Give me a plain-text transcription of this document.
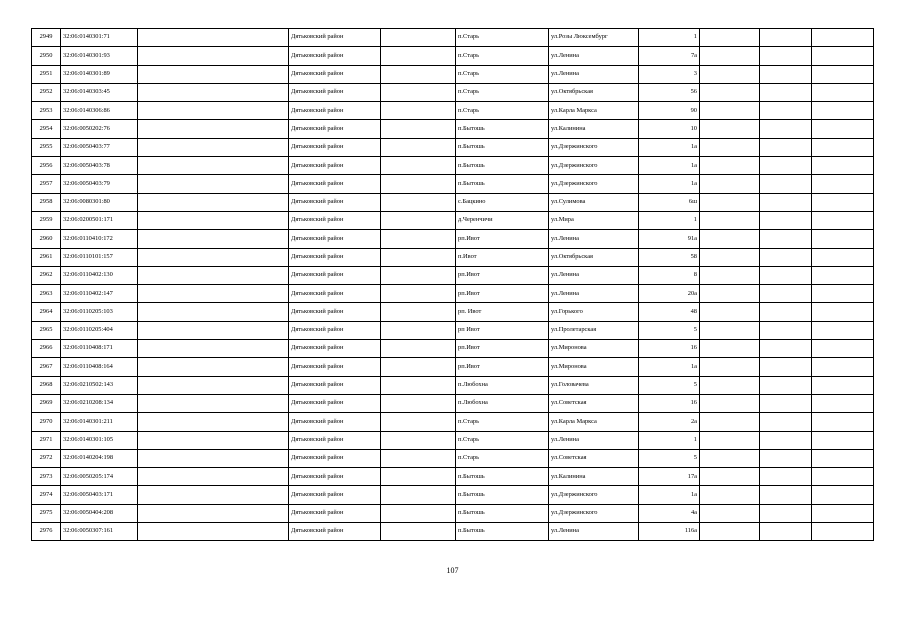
2949	32:06:0140301:71		Дятьковский район		п.Старь	ул.Розы Люксембург	1			
2950	32:06:0140301:93		Дятьковский район		п.Старь	ул.Ленина	7а			
2951	32:06:0140301:89		Дятьковский район		п.Старь	ул.Ленина	3			
2952	32:06:0140303:45		Дятьковский район		п.Старь	ул.Октябрьская	56			
2953	32:06:0140306:86		Дятьковский район		п.Старь	ул.Карла Маркса	90			
2954	32:06:0050202:76		Дятьковский район		п.Бытошь	ул.Калинина	10			
2955	32:06:0050403:77		Дятьковский район		п.Бытошь	ул.Дзержинского	1а			
2956	32:06:0050403:78		Дятьковский район		п.Бытошь	ул.Дзержинского	1а			
2957	32:06:0050403:79		Дятьковский район		п.Бытошь	ул.Дзержинского	1а			
2958	32:06:0080301:80		Дятьковский район		с.Бацкино	ул.Сулимова	6ш			
2959	32:06:0200501:171		Дятьковский район		д.Черенчичи	ул.Мира	1			
2960	32:06:0110410:172		Дятьковский район		рп.Ивот	ул.Ленина	91а			
2961	32:06:0110101:157		Дятьковский район		п.Ивот	ул.Октябрьская	58			
2962	32:06:0110402:130		Дятьковский район		рп.Ивот	ул.Ленина	8			
2963	32:06:0110402:147		Дятьковский район		рп.Ивот	ул.Ленина	20а			
2964	32:06:0110205:103		Дятьковский район		рп. Ивот	ул.Горького	48			
2965	32:06:0110205:404		Дятьковский район		рп Ивот	ул.Пролетарская	5			
2966	32:06:0110408:171		Дятьковский район		рп.Ивот	ул.Миронова	16			
2967	32:06:0110408:164		Дятьковский район		рп.Ивот	ул.Миронова	1а			
2968	32:06:0210502:143		Дятьковский район		п.Любохна	ул.Головачева	5			
2969	32:06:0210208:134		Дятьковский район		п.Любохна	ул.Советская	16			
2970	32:06:0140301:211		Дятьковский район		п.Старь	ул.Карла Маркса	2а			
2971	32:06:0140301:105		Дятьковский район		п.Старь	ул.Ленина	1			
2972	32:06:0140204:198		Дятьковский район		п.Старь	ул.Советская	5			
2973	32:06:0050205:174		Дятьковский район		п.Бытошь	ул.Калинина	17а			
2974	32:06:0050403:171		Дятьковский район		п.Бытошь	ул.Дзержинского	1а			
2975	32:06:0050404:208		Дятьковский район		п.Бытошь	ул.Дзержинского	4а			
2976	32:06:0050307:161		Дятьковский район		п.Бытошь	ул.Ленина	116а			
107
